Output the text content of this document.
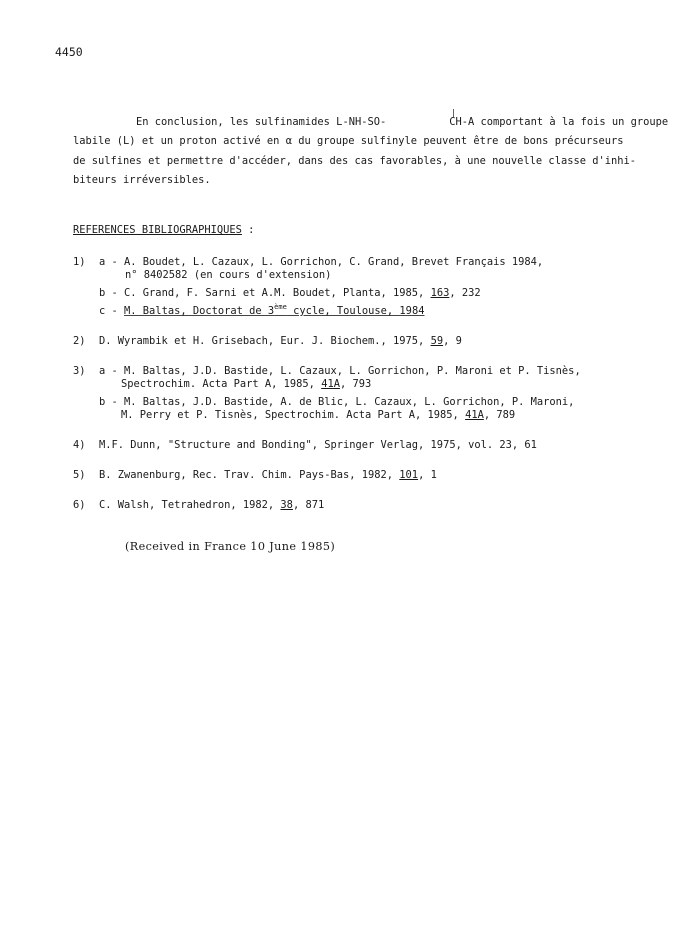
4450

En conclusion, les sulfinamides L-NH-SO-
|
CH-A comportant à la fois un groupe

labile (L) et un proton activé en α du groupe sulfinyle peuvent être de bons précurseurs

de sulfines et permettre d'accéder, dans des cas favorables, à une nouvelle classe d'inhi-

biteurs irréversibles.

REFERENCES BIBLIOGRAPHIQUES :
1) a - A. Boudet, L. Cazaux, L. Gorrichon, C. Grand, Brevet Français 1984,
n° 8402582 (en cours d'extension)
b - C. Grand, F. Sarni et A.M. Boudet, Planta, 1985, 163, 232
c - M. Baltas, Doctorat de 3ème cycle, Toulouse, 1984
2) D. Wyrambik et H. Grisebach, Eur. J. Biochem., 1975, 59, 9
3) a - M. Baltas, J.D. Bastide, L. Cazaux, L. Gorrichon, P. Maroni et P. Tisnès,
Spectrochim. Acta Part A, 1985, 41A, 793
b - M. Baltas, J.D. Bastide, A. de Blic, L. Cazaux, L. Gorrichon, P. Maroni,
M. Perry et P. Tisnès, Spectrochim. Acta Part A, 1985, 41A, 789
4) M.F. Dunn, "Structure and Bonding", Springer Verlag, 1975, vol. 23, 61
5) B. Zwanenburg, Rec. Trav. Chim. Pays-Bas, 1982, 101, 1
6) C. Walsh, Tetrahedron, 1982, 38, 871
(Received in France 10 June 1985)
